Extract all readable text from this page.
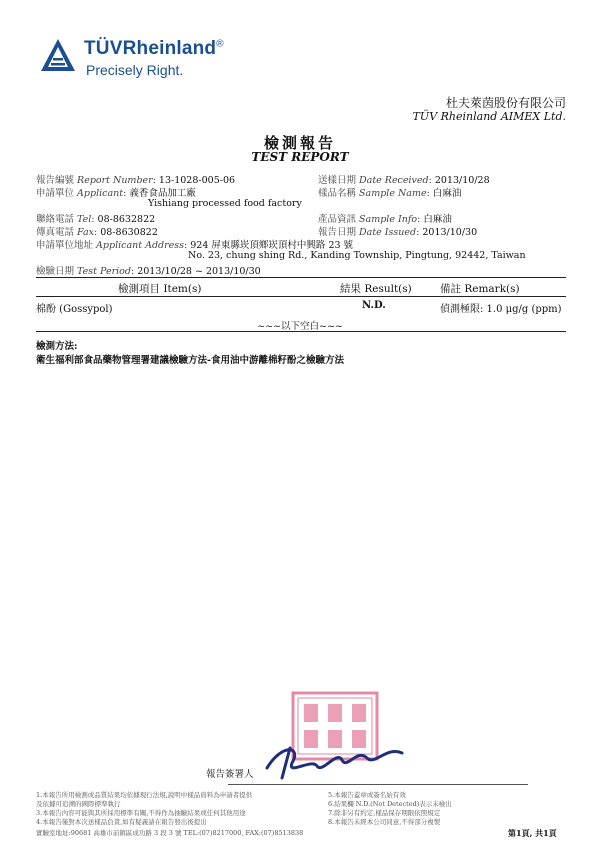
TÜVRheinland®
Precisely Right.
杜夫萊茵股份有限公司
TÜV Rheinland AIMEX Ltd.
檢測報告
TEST REPORT
報告編號 Report Number: 13-1028-005-06
申請單位 Applicant: 義香食品加工廠
Yishiang processed food factory
聯絡電話 Tel: 08-8632822
傳真電話 Fax: 08-8630822
申請單位地址 Applicant Address: 924 屏東縣崁頂鄉崁頂村中興路 23 號
No. 23, chung shing Rd., Kanding Township, Pingtung, 92442, Taiwan
檢驗日期 Test Period: 2013/10/28 ~ 2013/10/30
送樣日期 Date Received: 2013/10/28
樣品名稱 Sample Name: 白麻油
產品資訊 Sample Info: 白麻油
報告日期 Date Issued: 2013/10/30
檢測項目 Item(s)	結果 Result(s)	備註 Remark(s)
棉酚 (Gossypol)	N.D.	偵測極限: 1.0 μg/g (ppm)
~~~以下空白~~~
檢測方法:
衛生福利部食品藥物管理署建議檢驗方法-食用油中游離棉籽酚之檢驗方法
報告簽署人
1.本報告所用檢測或品質結果均依據現行法規,說明中樣品資料為申請者提供
及依據可追溯的國際標準執行
3.本報告內容可能與其所採用標準有關,不得作為抽驗結果或任何其他用途
4.本報告僅對本次送樣品負責,如有疑義請在報告發出後提出
5.本報告蓋章或簽名始有效
6.結果欄 N.D.(Not Detected)表示未檢出
7.除非另有約定,樣品保存期限依照規定
8.本報告未經本公司同意,不得部分複製
實驗室地址:90681 高雄市前鎮區成功路 3 段 3 號 TEL:(07)8217000, FAX:(07)8513838	第1頁, 共1頁
